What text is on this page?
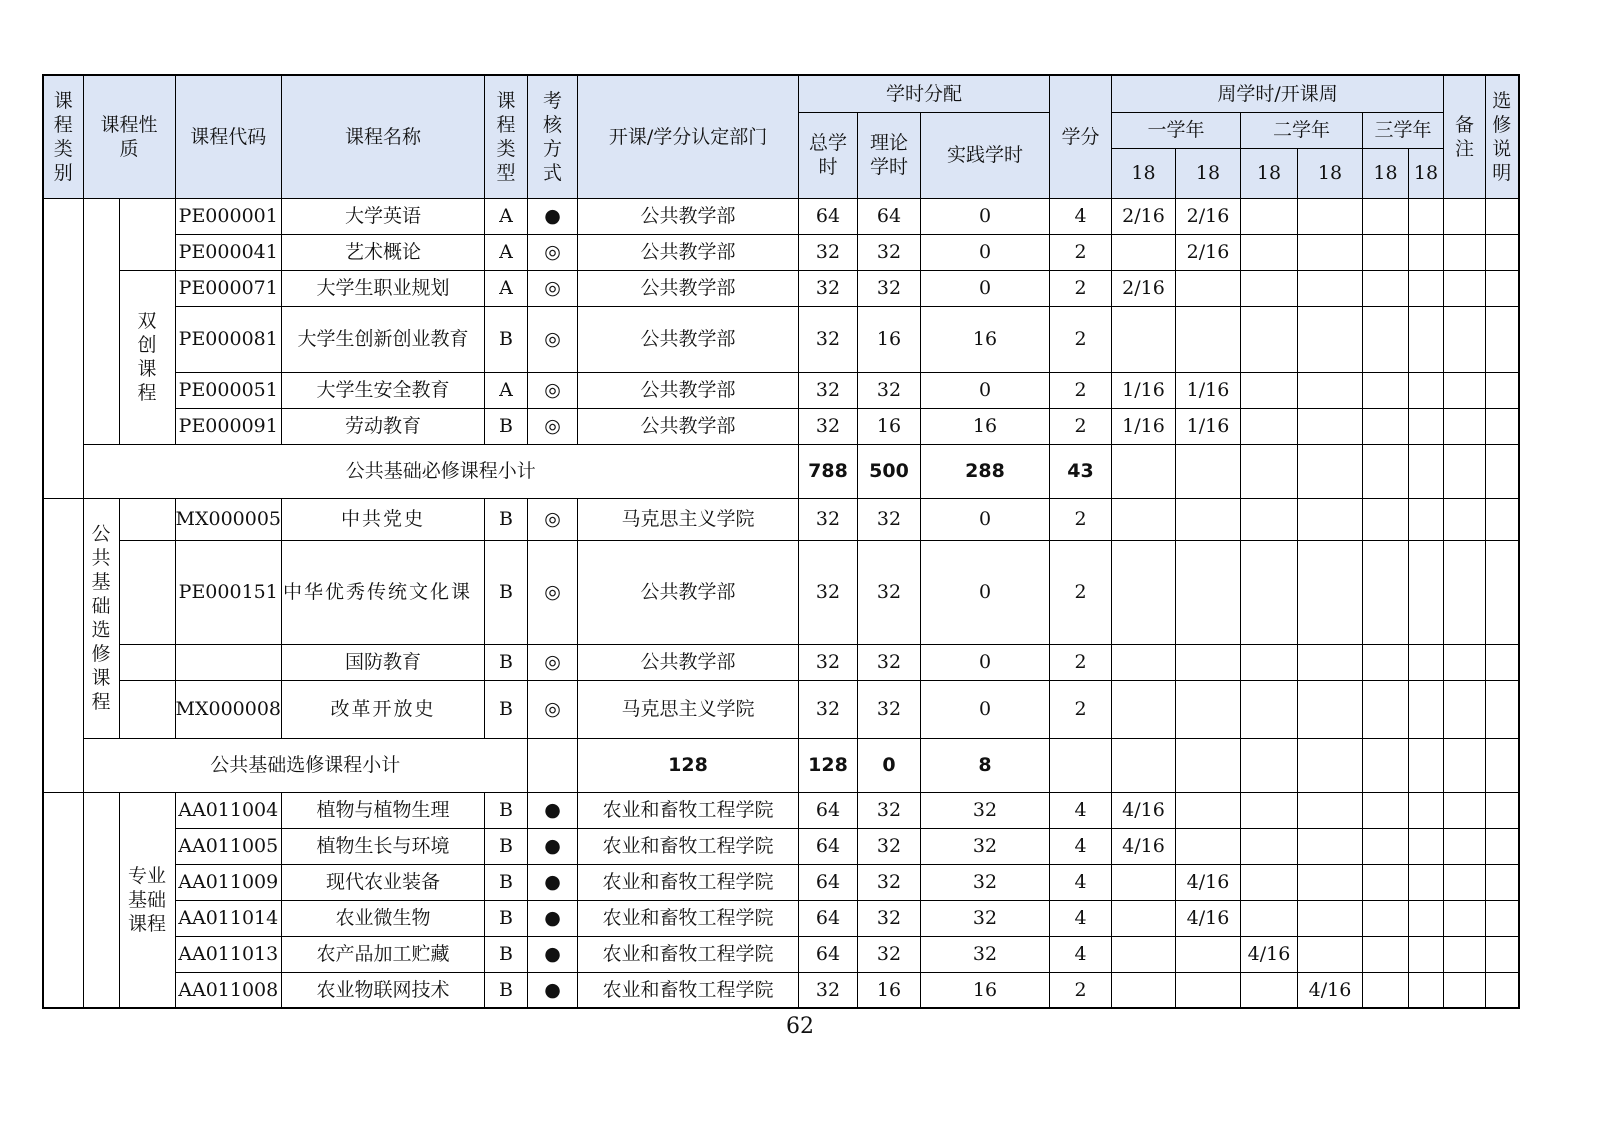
课程类别	课程性质		课程代码	课程名称	课程类型	考核方式	开课/学分认定部门	学时分配			学分	周学时/开课周						备注	选修说明
								总学时	理论学时	实践学时		一学年		二学年		三学年			
												18	18	18	18	18	18		
			PE000001	大学英语	A	●	公共教学部	64	64	0	4	2/16	2/16						
			PE000041	艺术概论	A	◎	公共教学部	32	32	0	2		2/16						
		双创课程	PE000071	大学生职业规划	A	◎	公共教学部	32	32	0	2	2/16							
			PE000081	大学生创新创业教育	B	◎	公共教学部	32	16	16	2								
			PE000051	大学生安全教育	A	◎	公共教学部	32	32	0	2	1/16	1/16						
			PE000091	劳动教育	B	◎	公共教学部	32	16	16	2	1/16	1/16						
	公共基础必修课程小计							788	500	288	43								
	公共基础选修课程		MX000005	中共党史	B	◎	马克思主义学院	32	32	0	2								
			PE000151	中华优秀传统文化课	B	◎	公共教学部	32	32	0	2								
				国防教育	B	◎	公共教学部	32	32	0	2								
			MX000008	改革开放史	B	◎	马克思主义学院	32	32	0	2								
	公共基础选修课程小计						128	128	0	8									
		专业基础课程	AA011004	植物与植物生理	B	●	农业和畜牧工程学院	64	32	32	4	4/16							
			AA011005	植物生长与环境	B	●	农业和畜牧工程学院	64	32	32	4	4/16							
			AA011009	现代农业装备	B	●	农业和畜牧工程学院	64	32	32	4		4/16						
			AA011014	农业微生物	B	●	农业和畜牧工程学院	64	32	32	4		4/16						
			AA011013	农产品加工贮藏	B	●	农业和畜牧工程学院	64	32	32	4			4/16					
			AA011008	农业物联网技术	B	●	农业和畜牧工程学院	32	16	16	2				4/16				
62
